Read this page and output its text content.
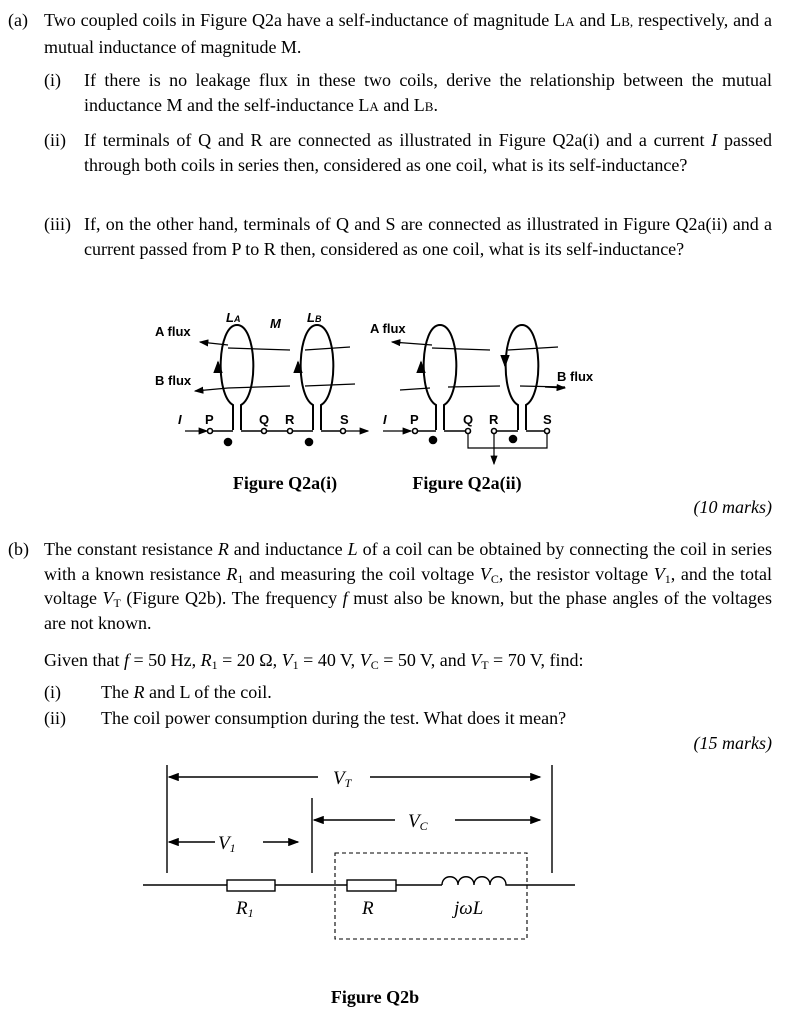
(a) Two coupled coils in Figure Q2a have a self-inductance of magnitude LA and LB, respectively, and a mutual inductance of magnitude M.
(i) If there is no leakage flux in these two coils, derive the relationship between the mutual inductance M and the self-inductance LA and LB.
(ii) If terminals of Q and R are connected as illustrated in Figure Q2a(i) and a current I passed through both coils in series then, considered as one coil, what is its self-inductance?
(iii) If, on the other hand, terminals of Q and S are connected as illustrated in Figure Q2a(ii) and a current passed from P to R then, considered as one coil, what is its self-inductance?
LA M LB
A flux
B flux
I P	Q R	S
A flux
B flux
I P	Q R	S
Figure Q2a(i)	Figure Q2a(ii)
VT
VC
V1
R1	R	jωL
Figure Q2b
(10 marks)
(b) The constant resistance R and inductance L of a coil can be obtained by connecting the coil in series with a known resistance $R_1$ and measuring the coil voltage $V_C$, the resistor voltage $V_1$, and the total voltage $V_T$ (Figure Q2b). The frequency f must also be known, but the phase angles of the voltages are not known.
Given that f = 50 Hz, $R_1 = 20$ Ω, $V_1 = 40$ V, $V_C = 50$ V, and $V_T = 70$ V, find:
(i) The R and L of the coil.
(ii) The coil power consumption during the test. What does it mean?
(15 marks)
